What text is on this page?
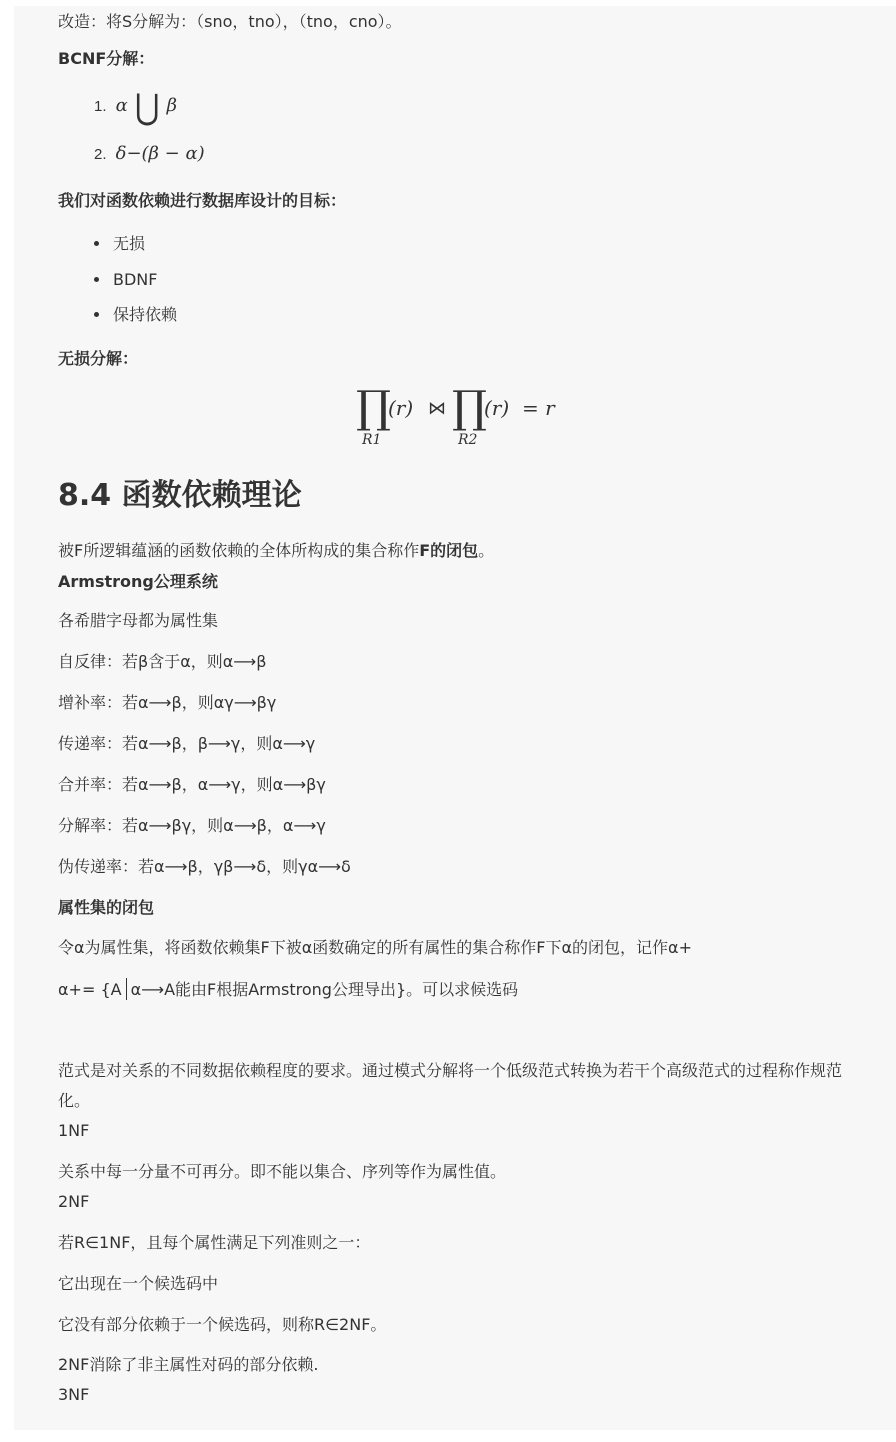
改造：将S分解为：（sno，tno），（tno，cno）。
BCNF分解：
1. α ⋃ β
2. δ−(β − α)
我们对函数依赖进行数据库设计的目标：
无损
BDNF
保持依赖
无损分解：
∏
R1
(r) ⋈ ∏
R2
(r) = r
8.4 函数依赖理论
被F所逻辑蕴涵的函数依赖的全体所构成的集合称作F的闭包。
Armstrong公理系统
各希腊字母都为属性集
自反律：若β含于α，则α⟶β
增补率：若α⟶β，则αγ⟶βγ
传递率：若α⟶β，β⟶γ，则α⟶γ
合并率：若α⟶β，α⟶γ，则α⟶βγ
分解率：若α⟶βγ，则α⟶β，α⟶γ
伪传递率：若α⟶β，γβ⟶δ，则γα⟶δ
属性集的闭包
令α为属性集，将函数依赖集F下被α函数确定的所有属性的集合称作F下α的闭包，记作α+
α+= {A α⟶A能由F根据Armstrong公理导出}。可以求候选码
范式是对关系的不同数据依赖程度的要求。通过模式分解将一个低级范式转换为若干个高级范式的过程称作规范化。
1NF
关系中每一分量不可再分。即不能以集合、序列等作为属性值。
2NF
若R∈1NF，且每个属性满足下列准则之一：
它出现在一个候选码中
它没有部分依赖于一个候选码，则称R∈2NF。
2NF消除了非主属性对码的部分依赖.
3NF
